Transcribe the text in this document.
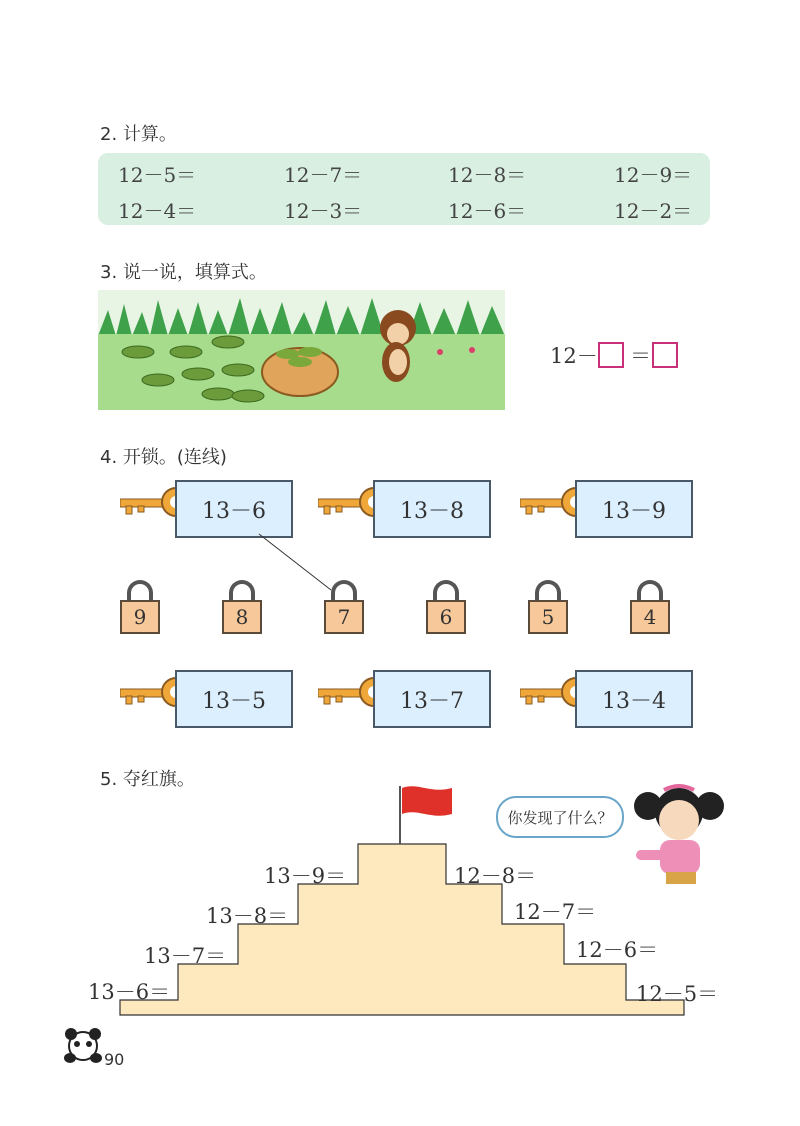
2. 计算。
12－5＝	12－7＝	12－8＝	12－9＝
12－4＝	12－3＝	12－6＝	12－2＝
3. 说一说，填算式。
12－ ＝
4. 开锁。(连线)
13－6	13－8	13－9
9	8	7	6	5	4
13－5	13－7	13－4
5. 夺红旗。
13－9＝
13－8＝
13－7＝
13－6＝
12－8＝
12－7＝
12－6＝
12－5＝
你发现了什么？
90
